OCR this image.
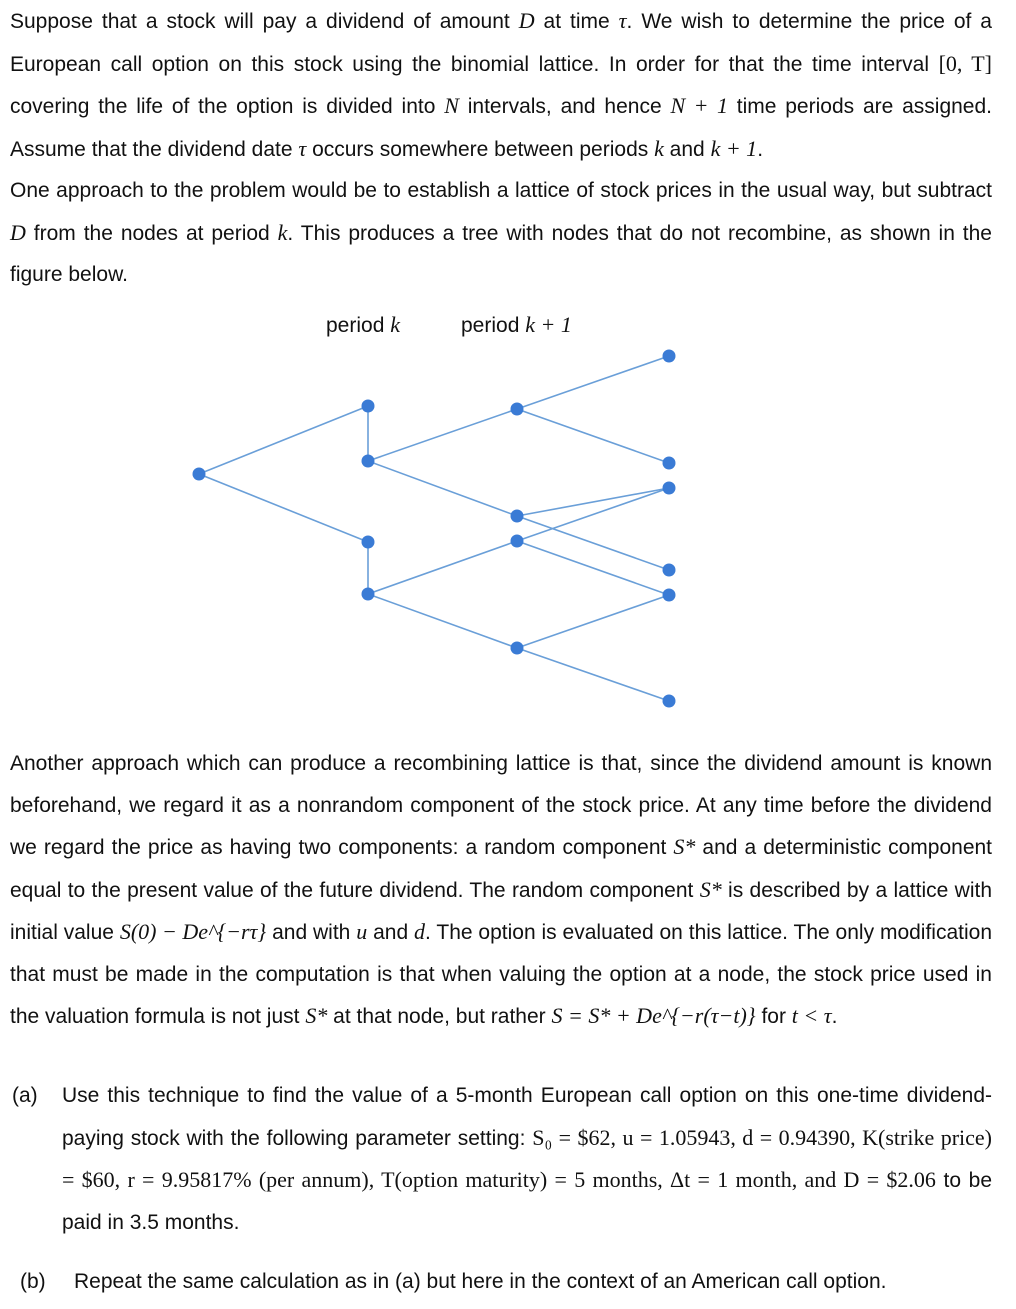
Suppose that a stock will pay a dividend of amount D at time τ. We wish to determine the price of a European call option on this stock using the binomial lattice. In order for that the time interval [0, T] covering the life of the option is divided into N intervals, and hence N + 1 time periods are assigned. Assume that the dividend date τ occurs somewhere between periods k and k + 1.
One approach to the problem would be to establish a lattice of stock prices in the usual way, but subtract D from the nodes at period k. This produces a tree with nodes that do not recombine, as shown in the figure below.

period k	period k + 1

Another approach which can produce a recombining lattice is that, since the dividend amount is known beforehand, we regard it as a nonrandom component of the stock price. At any time before the dividend we regard the price as having two components: a random component S* and a deterministic component equal to the present value of the future dividend. The random component S* is described by a lattice with initial value S(0) − De^{−rτ} and with u and d. The option is evaluated on this lattice. The only modification that must be made in the computation is that when valuing the option at a node, the stock price used in the valuation formula is not just S* at that node, but rather S = S* + De^{−r(τ−t)} for t < τ.

(a) Use this technique to find the value of a 5-month European call option on this one-time dividend-paying stock with the following parameter setting: S₀ = $62, u = 1.05943, d = 0.94390, K(strike price) = $60, r = 9.95817% (per annum), T(option maturity) = 5 months, Δt = 1 month, and D = $2.06 to be paid in 3.5 months.

(b) Repeat the same calculation as in (a) but here in the context of an American call option.
